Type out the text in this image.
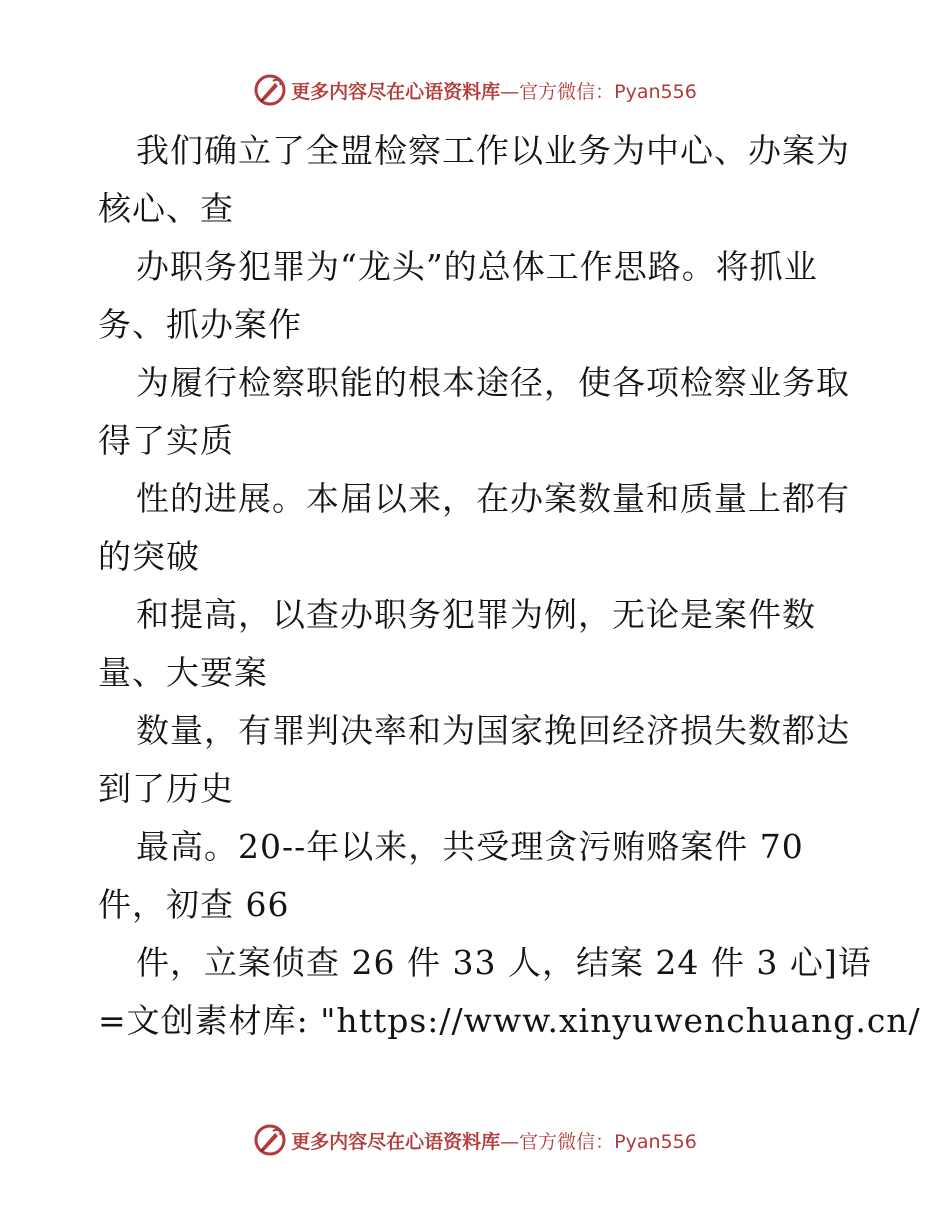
更多内容尽在心语资料库—官方微信：Pyan556
我们确立了全盟检察工作以业务为中心、办案为
核心、查
办职务犯罪为“龙头”的总体工作思路。将抓业
务、抓办案作
为履行检察职能的根本途径，使各项检察业务取
得了实质
性的进展。本届以来，在办案数量和质量上都有
的突破
和提高，以查办职务犯罪为例，无论是案件数
量、大要案
数量，有罪判决率和为国家挽回经济损失数都达
到了历史
最高。20--年以来，共受理贪污贿赂案件 70
件，初查 66
件，立案侦查 26 件 33 人，结案 24 件 3 心]语
=文创素材库: "https://www.xinyuwenchuang.cn/
更多内容尽在心语资料库—官方微信：Pyan556
